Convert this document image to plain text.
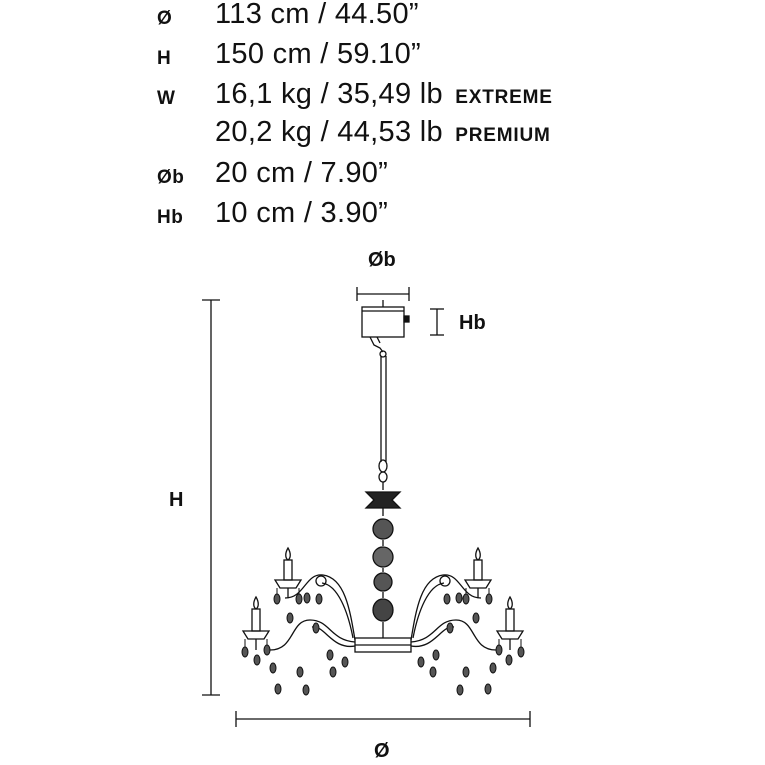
Ø 113 cm / 44.50”
H 150 cm / 59.10”
W 16,1 kg / 35,49 lb EXTREME
20,2 kg / 44,53 lb PREMIUM
Øb 20 cm / 7.90”
Hb 10 cm / 3.90”
Øb
Hb
H
Ø
